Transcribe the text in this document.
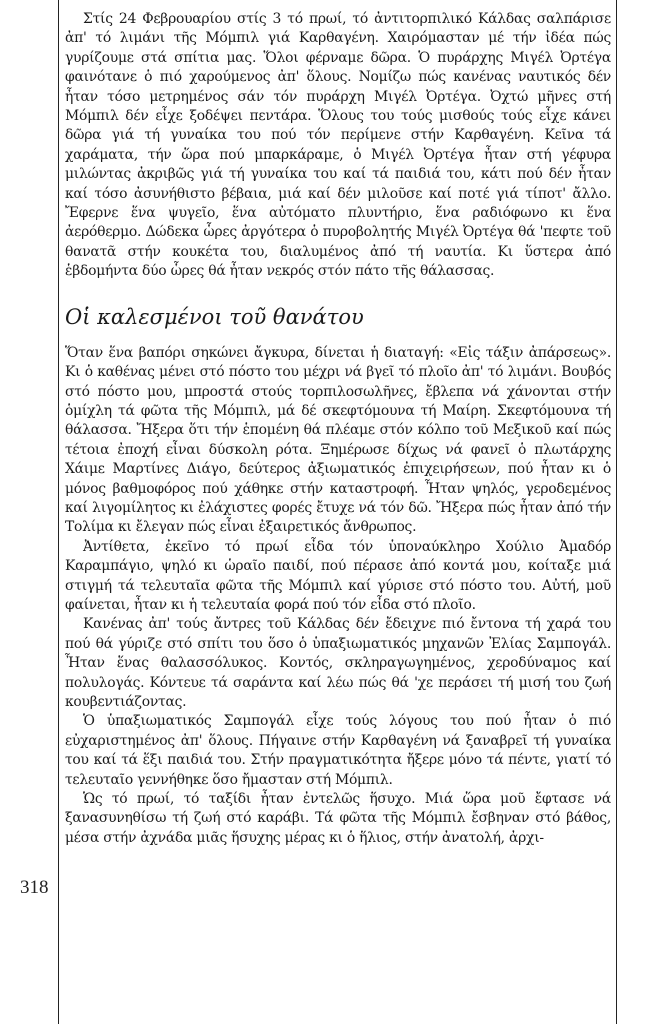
318

Στίς 24 Φεβρουαρίου στίς 3 τό πρωί, τό ἀντιτορπιλικό Κάλδας σαλπάρισε ἀπ' τό λιμάνι τῆς Μόμπιλ γιά Καρθαγένη. Χαιρόμασταν μέ τήν ἰδέα πώς γυρίζουμε στά σπίτια μας. Ὅλοι φέρναμε δῶρα. Ὁ πυράρχης Μιγέλ Ὀρτέγα φαινότανε ὁ πιό χαρούμενος ἀπ' ὅλους. Νομίζω πώς κανένας ναυτικός δέν ἦταν τόσο μετρημένος σάν τόν πυράρχη Μιγέλ Ὀρτέγα. Ὀχτώ μῆνες στή Μόμπιλ δέν εἶχε ξοδέψει πεντάρα. Ὅλους του τούς μισθούς τούς εἶχε κάνει δῶρα γιά τή γυναίκα του πού τόν περίμενε στήν Καρθαγένη. Κεῖνα τά χαράματα, τήν ὥρα πού μπαρκάραμε, ὁ Μιγέλ Ὀρτέγα ἦταν στή γέφυρα μιλώντας ἀκριβῶς γιά τή γυναίκα του καί τά παιδιά του, κάτι πού δέν ἦταν καί τόσο ἀσυνήθιστο βέβαια, μιά καί δέν μιλοῦσε καί ποτέ γιά τίποτ' ἄλλο. Ἔφερνε ἕνα ψυγεῖο, ἕνα αὐτόματο πλυντήριο, ἕνα ραδιόφωνο κι ἕνα ἀερόθερμο. Δώδεκα ὧρες ἀργότερα ὁ πυροβολητής Μιγέλ Ὀρτέγα θά 'πεφτε τοῦ θανατᾶ στήν κουκέτα του, διαλυμένος ἀπό τή ναυτία. Κι ὕστερα ἀπό ἑβδομήντα δύο ὧρες θά ἦταν νεκρός στόν πάτο τῆς θάλασσας.

Οἱ καλεσμένοι τοῦ θανάτου

Ὅταν ἕνα βαπόρι σηκώνει ἄγκυρα, δίνεται ἡ διαταγή: «Εἰς τάξιν ἀπάρσεως». Κι ὁ καθένας μένει στό πόστο του μέχρι νά βγεῖ τό πλοῖο ἀπ' τό λιμάνι. Βουβός στό πόστο μου, μπροστά στούς τορπιλοσωλῆνες, ἔβλεπα νά χάνονται στήν ὁμίχλη τά φῶτα τῆς Μόμπιλ, μά δέ σκεφτόμουνα τή Μαίρη. Σκεφτόμουνα τή θάλασσα. Ἤξερα ὅτι τήν ἑπομένη θά πλέαμε στόν κόλπο τοῦ Μεξικοῦ καί πώς τέτοια ἐποχή εἶναι δύσκολη ρότα. Ξημέρωσε δίχως νά φανεῖ ὁ πλωτάρχης Χάιμε Μαρτίνες Διάγο, δεύτερος ἀξιωματικός ἐπιχειρήσεων, πού ἦταν κι ὁ μόνος βαθμοφόρος πού χάθηκε στήν καταστροφή. Ἦταν ψηλός, γεροδεμένος καί λιγομίλητος κι ἐλάχιστες φορές ἔτυχε νά τόν δῶ. Ἤξερα πώς ἦταν ἀπό τήν Τολίμα κι ἔλεγαν πώς εἶναι ἐξαιρετικός ἄνθρωπος.

Ἀντίθετα, ἐκεῖνο τό πρωί εἶδα τόν ὑποναύκληρο Χούλιο Ἀμαδόρ Καραμπάγιο, ψηλό κι ὡραῖο παιδί, πού πέρασε ἀπό κοντά μου, κοίταξε μιά στιγμή τά τελευταῖα φῶτα τῆς Μόμπιλ καί γύρισε στό πόστο του. Αὐτή, μοῦ φαίνεται, ἦταν κι ἡ τελευταία φορά πού τόν εἶδα στό πλοῖο.

Κανένας ἀπ' τούς ἄντρες τοῦ Κάλδας δέν ἔδειχνε πιό ἔντονα τή χαρά του πού θά γύριζε στό σπίτι του ὅσο ὁ ὑπαξιωματικός μηχανῶν Ἐλίας Σαμπογάλ. Ἦταν ἕνας θαλασσόλυκος. Κοντός, σκληραγωγημένος, χεροδύναμος καί πολυλογάς. Κόντευε τά σαράντα καί λέω πώς θά 'χε περάσει τή μισή του ζωή κουβεντιάζοντας.

Ὁ ὑπαξιωματικός Σαμπογάλ εἶχε τούς λόγους του πού ἦταν ὁ πιό εὐχαριστημένος ἀπ' ὅλους. Πήγαινε στήν Καρθαγένη νά ξαναβρεῖ τή γυναίκα του καί τά ἕξι παιδιά του. Στήν πραγματικότητα ἤξερε μόνο τά πέντε, γιατί τό τελευταῖο γεννήθηκε ὅσο ἤμασταν στή Μόμπιλ.

Ὡς τό πρωί, τό ταξίδι ἦταν ἐντελῶς ἥσυχο. Μιά ὥρα μοῦ ἔφτασε νά ξανασυνηθίσω τή ζωή στό καράβι. Τά φῶτα τῆς Μόμπιλ ἔσβηναν στό βάθος, μέσα στήν ἀχνάδα μιᾶς ἥσυχης μέρας κι ὁ ἥλιος, στήν ἀνατολή, ἀρχι-
